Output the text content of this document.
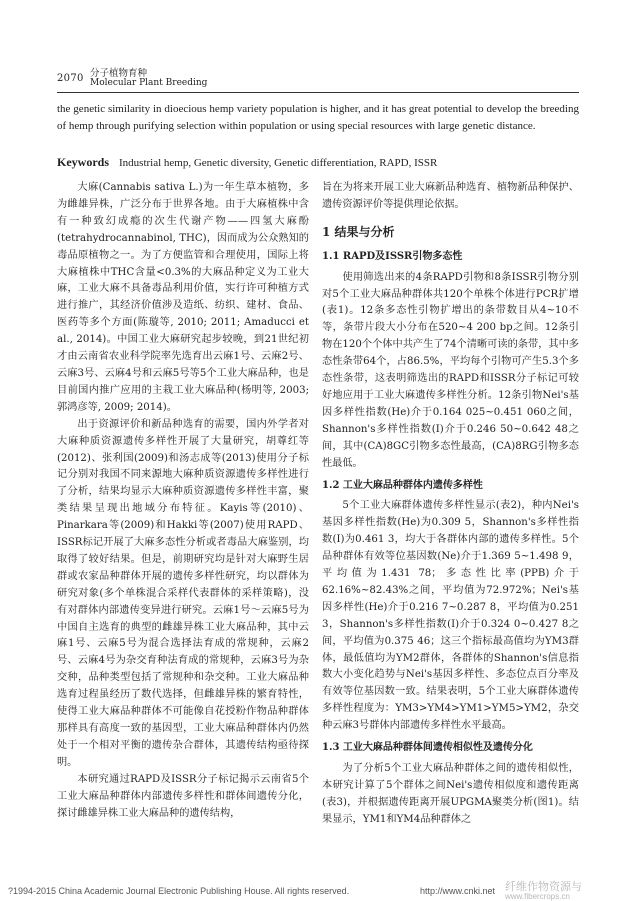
2070 分子植物育种
Molecular Plant Breeding
the genetic similarity in dioecious hemp variety population is higher, and it has great potential to develop the breeding of hemp through purifying selection within population or using special resources with large genetic distance.
Keywords Industrial hemp, Genetic diversity, Genetic differentiation, RAPD, ISSR

大麻(Cannabis sativa L.)为一年生草本植物，多为雌雄异株，广泛分布于世界各地。由于大麻植株中含有一种致幻成瘾的次生代谢产物——四氢大麻酚(tetrahydrocannabinol, THC)，因而成为公众熟知的毒品原植物之一。为了方便监管和合理使用，国际上将大麻植株中THC含量<0.3%的大麻品种定义为工业大麻，工业大麻不具备毒品利用价值，实行许可种植方式进行推广，其经济价值涉及造纸、纺织、建材、食品、医药等多个方面(陈璇等, 2010; 2011; Amaducci et al., 2014)。中国工业大麻研究起步较晚，到21世纪初才由云南省农业科学院率先选育出云麻1号、云麻2号、云麻3号、云麻4号和云麻5号等5个工业大麻品种，也是目前国内推广应用的主栽工业大麻品种(杨明等, 2003; 郭鸿彦等, 2009; 2014)。

出于资源评价和新品种选育的需要，国内外学者对大麻种质资源遗传多样性开展了大量研究，胡尊红等(2012)、张利国(2009)和汤志成等(2013)使用分子标记分别对我国不同来源地大麻种质资源遗传多样性进行了分析，结果均显示大麻种质资源遗传多样性丰富，聚类结果呈现出地域分布特征。Kayis等(2010)、Pinarkara等(2009)和Hakki等(2007)使用RAPD、ISSR标记开展了大麻多态性分析或者毒品大麻鉴别，均取得了较好结果。但是，前期研究均是针对大麻野生居群或农家品种群体开展的遗传多样性研究，均以群体为研究对象(多个单株混合采样代表群体的采样策略)，没有对群体内部遗传变异进行研究。云麻1号～云麻5号为中国自主选育的典型的雌雄异株工业大麻品种，其中云麻1号、云麻5号为混合选择法育成的常规种，云麻2号、云麻4号为杂交育种法育成的常规种，云麻3号为杂交种，品种类型包括了常规种和杂交种。工业大麻品种选育过程虽经历了数代选择，但雌雄异株的繁育特性，使得工业大麻品种群体不可能像自花授粉作物品种群体那样具有高度一致的基因型，工业大麻品种群体内仍然处于一个相对平衡的遗传杂合群体，其遗传结构亟待探明。

本研究通过RAPD及ISSR分子标记揭示云南省5个工业大麻品种群体内部遗传多样性和群体间遗传分化，探讨雌雄异株工业大麻品种的遗传结构，

旨在为将来开展工业大麻新品种选育、植物新品种保护、遗传资源评价等提供理论依据。

1 结果与分析
1.1 RAPD及ISSR引物多态性

使用筛选出来的4条RAPD引物和8条ISSR引物分别对5个工业大麻品种群体共120个单株个体进行PCR扩增(表1)。12条多态性引物扩增出的条带数目从4~10不等，条带片段大小分布在520~4 200 bp之间。12条引物在120个个体中共产生了74个清晰可读的条带，其中多态性条带64个，占86.5%，平均每个引物可产生5.3个多态性条带，这表明筛选出的RAPD和ISSR分子标记可较好地应用于工业大麻遗传多样性分析。12条引物Nei's基因多样性指数(He)介于0.164 025~0.451 060之间，Shannon's多样性指数(I)介于0.246 50~0.642 48之间，其中(CA)8GC引物多态性最高，(CA)8RG引物多态性最低。

1.2 工业大麻品种群体内遗传多样性

5个工业大麻群体遗传多样性显示(表2)，种内Nei's基因多样性指数(He)为0.309 5，Shannon's多样性指数(I)为0.461 3，均大于各群体内部的遗传多样性。5个品种群体有效等位基因数(Ne)介于1.369 5~1.498 9，平均值为1.431 78；多态性比率(PPB)介于62.16%~82.43%之间，平均值为72.972%；Nei's基因多样性(He)介于0.216 7~0.287 8，平均值为0.251 3，Shannon's多样性指数(I)介于0.324 0~0.427 8之间，平均值为0.375 46；这三个指标最高值均为YM3群体，最低值均为YM2群体，各群体的Shannon's信息指数大小变化趋势与Nei's基因多样性、多态位点百分率及有效等位基因数一致。结果表明，5个工业大麻群体遗传多样性程度为：YM3>YM4>YM1>YM5>YM2，杂交种云麻3号群体内部遗传多样性水平最高。

1.3 工业大麻品种群体间遗传相似性及遗传分化

为了分析5个工业大麻品种群体之间的遗传相似性，本研究计算了5个群体之间Nei's遗传相似度和遗传距离(表3)，并根据遗传距离开展UPGMA聚类分析(图1)。结果显示，YM1和YM4品种群体之

?1994-2015 China Academic Journal Electronic Publishing House. All rights reserved.	http://www.cnki.net 纤维作物资源与
www.fibercrops.cn
